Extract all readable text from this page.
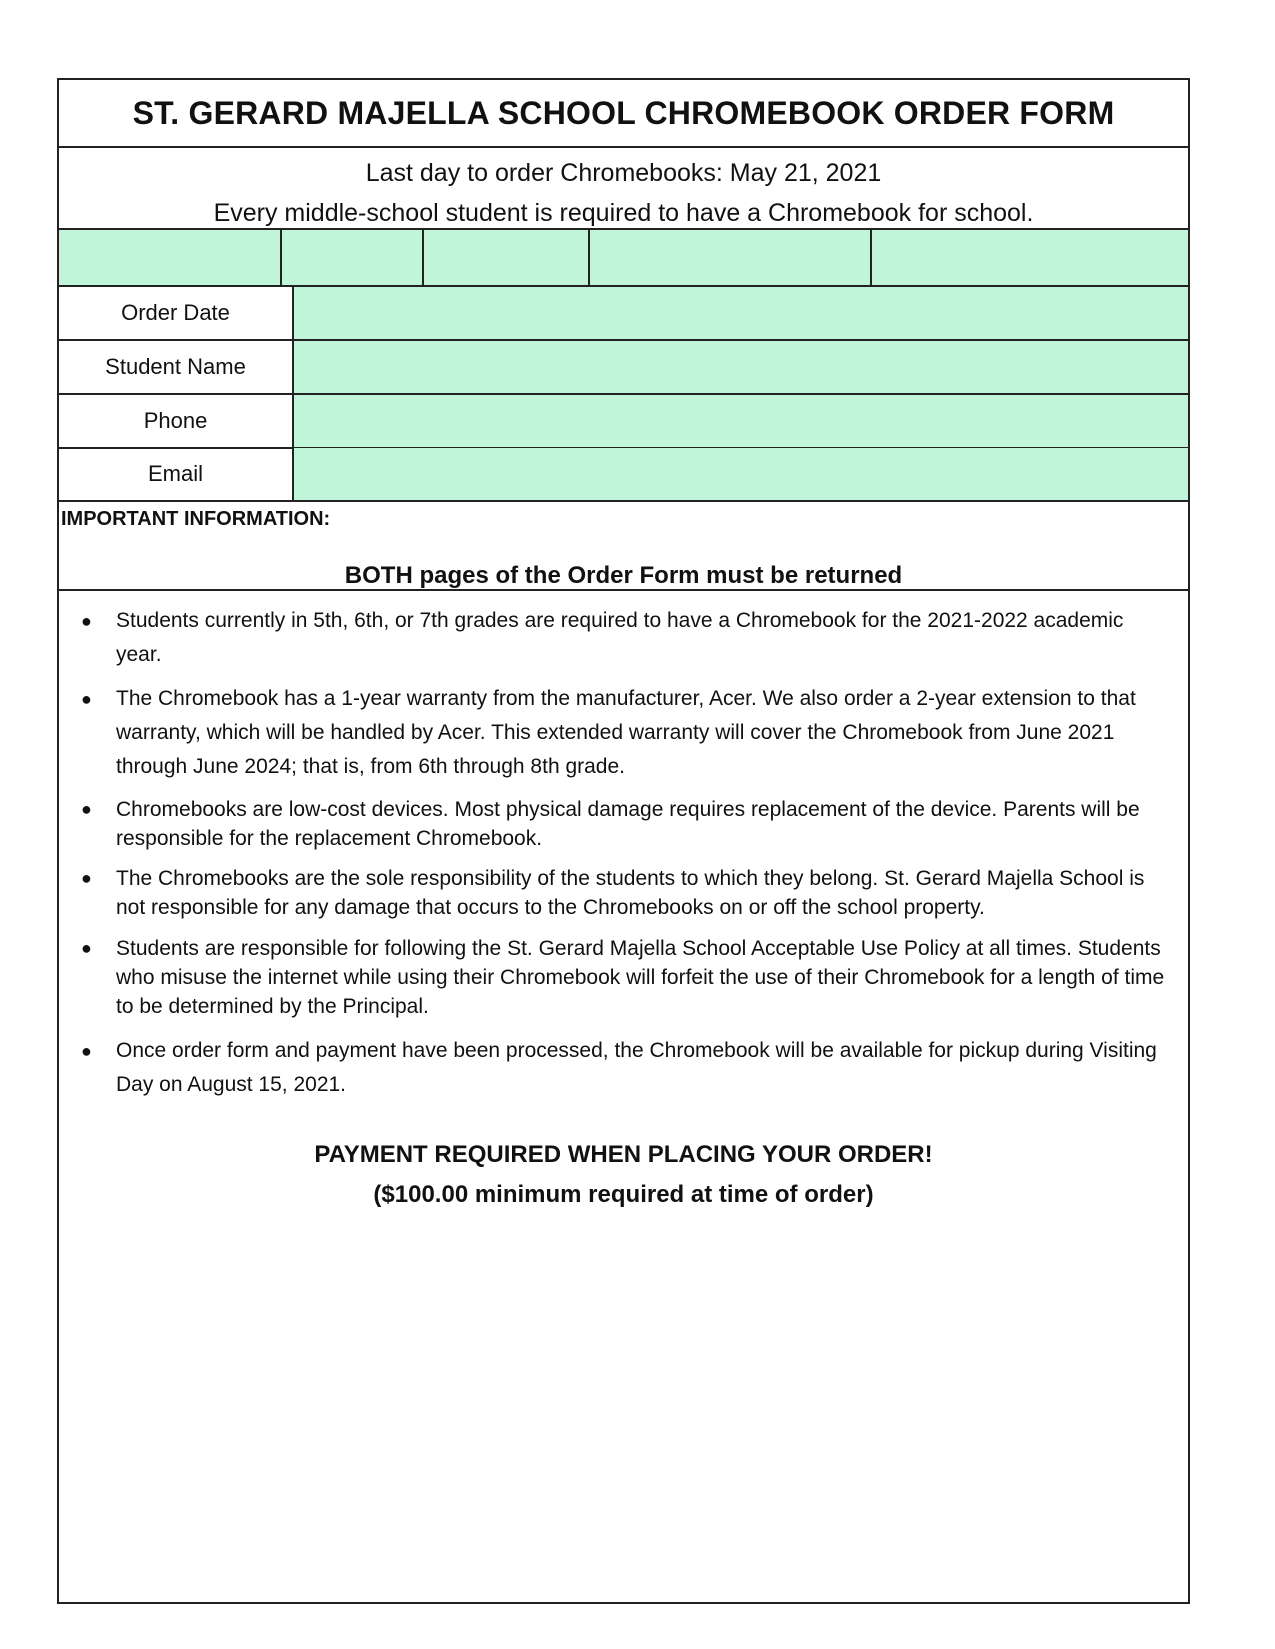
ST. GERARD MAJELLA SCHOOL CHROMEBOOK ORDER FORM
Last day to order Chromebooks: May 21, 2021
Every middle-school student is required to have a Chromebook for school.
Order Date
Student Name
Phone
Email
IMPORTANT INFORMATION:
BOTH pages of the Order Form must be returned
● Students currently in 5th, 6th, or 7th grades are required to have a Chromebook for the 2021-2022 academic year.
● The Chromebook has a 1-year warranty from the manufacturer, Acer. We also order a 2-year extension to that warranty, which will be handled by Acer. This extended warranty will cover the Chromebook from June 2021 through June 2024; that is, from 6th through 8th grade.
● Chromebooks are low-cost devices. Most physical damage requires replacement of the device. Parents will be responsible for the replacement Chromebook.
● The Chromebooks are the sole responsibility of the students to which they belong. St. Gerard Majella School is not responsible for any damage that occurs to the Chromebooks on or off the school property.
● Students are responsible for following the St. Gerard Majella School Acceptable Use Policy at all times. Students who misuse the internet while using their Chromebook will forfeit the use of their Chromebook for a length of time to be determined by the Principal.
● Once order form and payment have been processed, the Chromebook will be available for pickup during Visiting Day on August 15, 2021.
PAYMENT REQUIRED WHEN PLACING YOUR ORDER!
($100.00 minimum required at time of order)
